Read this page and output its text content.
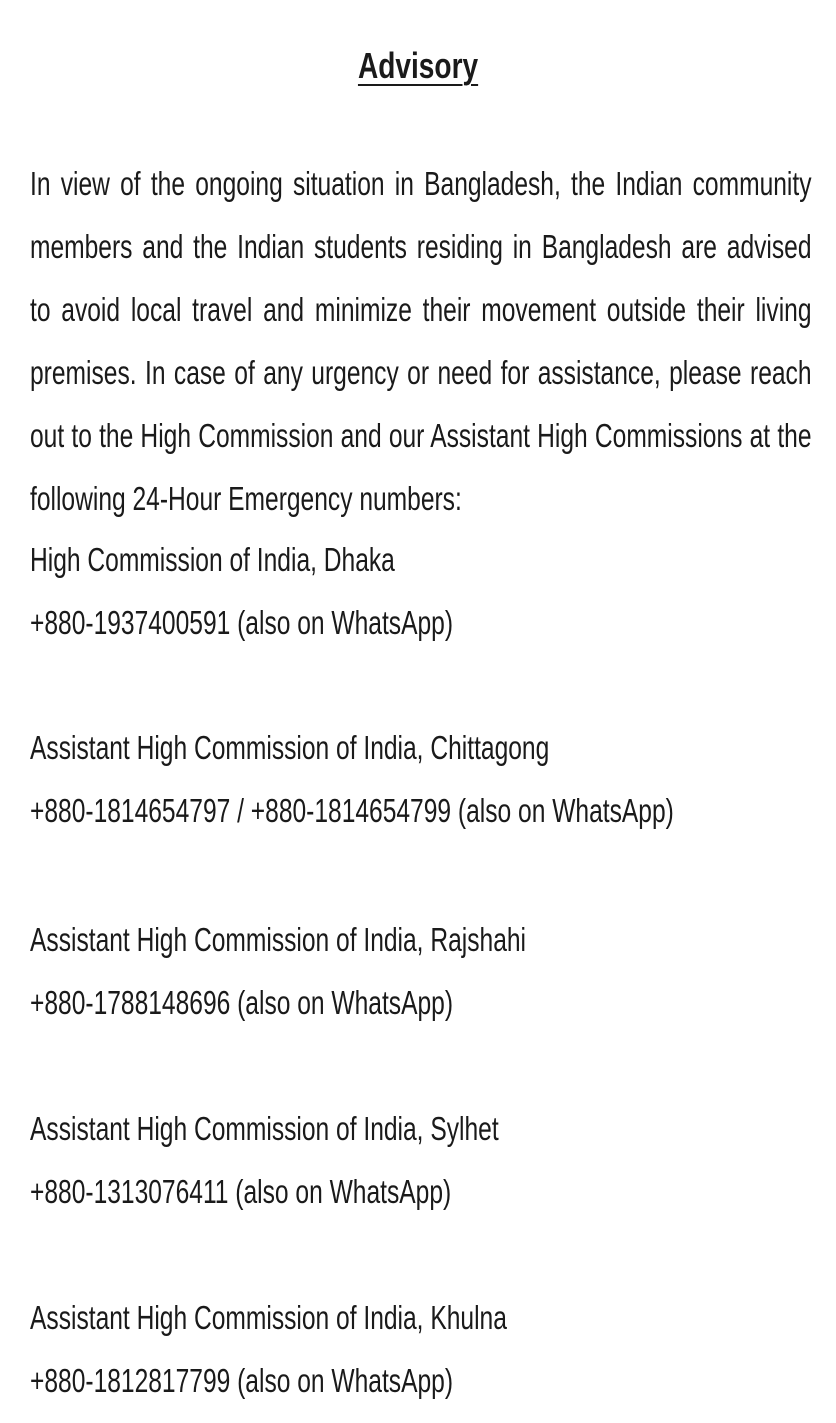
Advisory

In view of the ongoing situation in Bangladesh, the Indian community members and the Indian students residing in Bangladesh are advised to avoid local travel and minimize their movement outside their living premises. In case of any urgency or need for assistance, please reach out to the High Commission and our Assistant High Commissions at the following 24-Hour Emergency numbers:

High Commission of India, Dhaka
+880-1937400591 (also on WhatsApp)
Assistant High Commission of India, Chittagong
+880-1814654797 / +880-1814654799 (also on WhatsApp)
Assistant High Commission of India, Rajshahi
+880-1788148696 (also on WhatsApp)
Assistant High Commission of India, Sylhet
+880-1313076411 (also on WhatsApp)
Assistant High Commission of India, Khulna
+880-1812817799 (also on WhatsApp)
